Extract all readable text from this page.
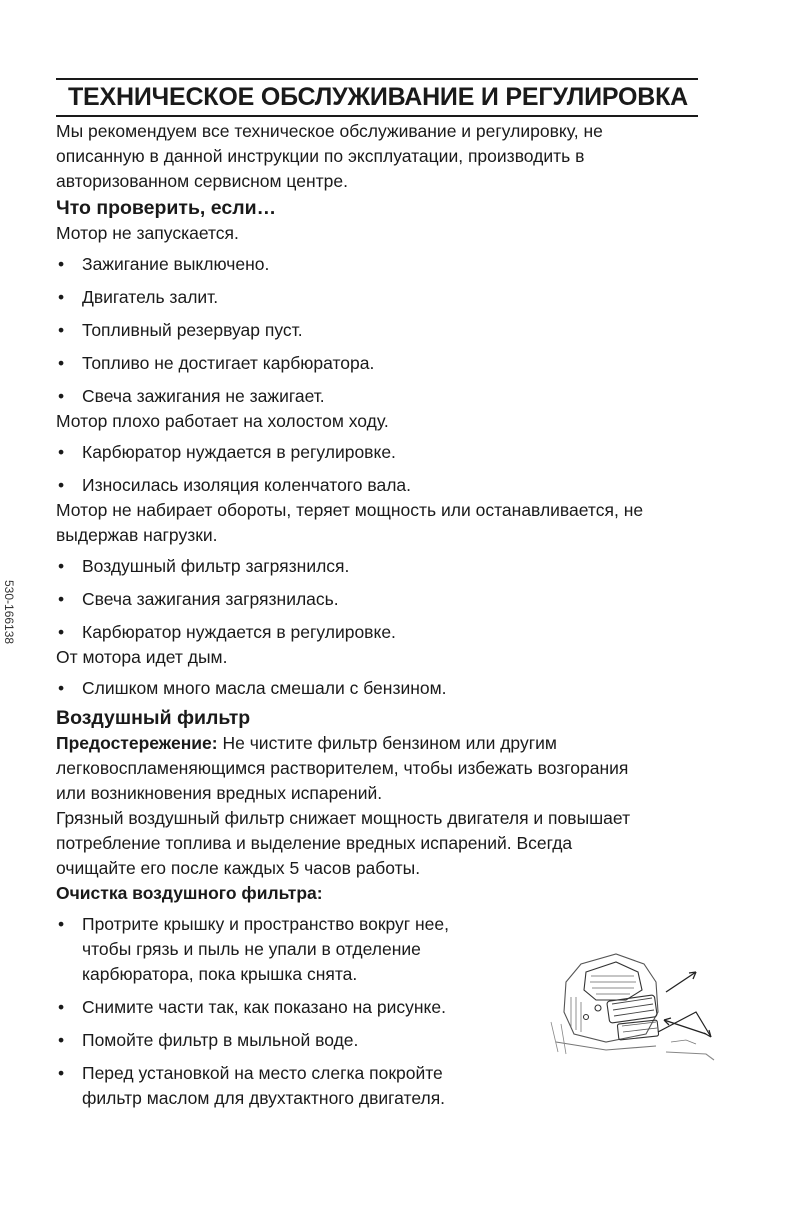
530-166138
ТЕХНИЧЕСКОЕ ОБСЛУЖИВАНИЕ И РЕГУЛИРОВКА

Мы рекомендуем все техническое обслуживание и регулировку, не

описанную в данной инструкции по эксплуатации, производить в

авторизованном сервисном центре.

Что проверить, если…

Мотор не запускается.

•	Зажигание выключено.
•	Двигатель залит.
•	Топливный резервуар пуст.
•	Топливо не достигает карбюратора.
•	Свеча зажигания не зажигает.

Мотор плохо работает на холостом ходу.

•	Карбюратор нуждается в регулировке.
•	Износилась изоляция коленчатого вала.

Мотор не набирает обороты, теряет мощность или останавливается, не

выдержав нагрузки.

•	Воздушный фильтр загрязнился.
•	Свеча зажигания загрязнилась.
•	Карбюратор нуждается в регулировке.

От мотора идет дым.

•	Слишком много масла смешали с бензином.
Воздушный фильтр

Предостережение: Не чистите фильтр бензином или другим

легковоспламеняющимся растворителем, чтобы избежать возгорания

или возникновения вредных испарений.

Грязный воздушный фильтр снижает мощность двигателя и повышает

потребление топлива и выделение вредных испарений. Всегда

очищайте его после каждых 5 часов работы.

Очистка воздушного фильтра:
•	Протрите крышку и пространство вокруг нее,
чтобы грязь и пыль не упали в отделение
карбюратора, пока крышка снята.
•	Снимите части так, как показано на рисунке.
•	Помойте фильтр в мыльной воде.
•	Перед установкой на место слегка покройте
фильтр маслом для двухтактного двигателя.
